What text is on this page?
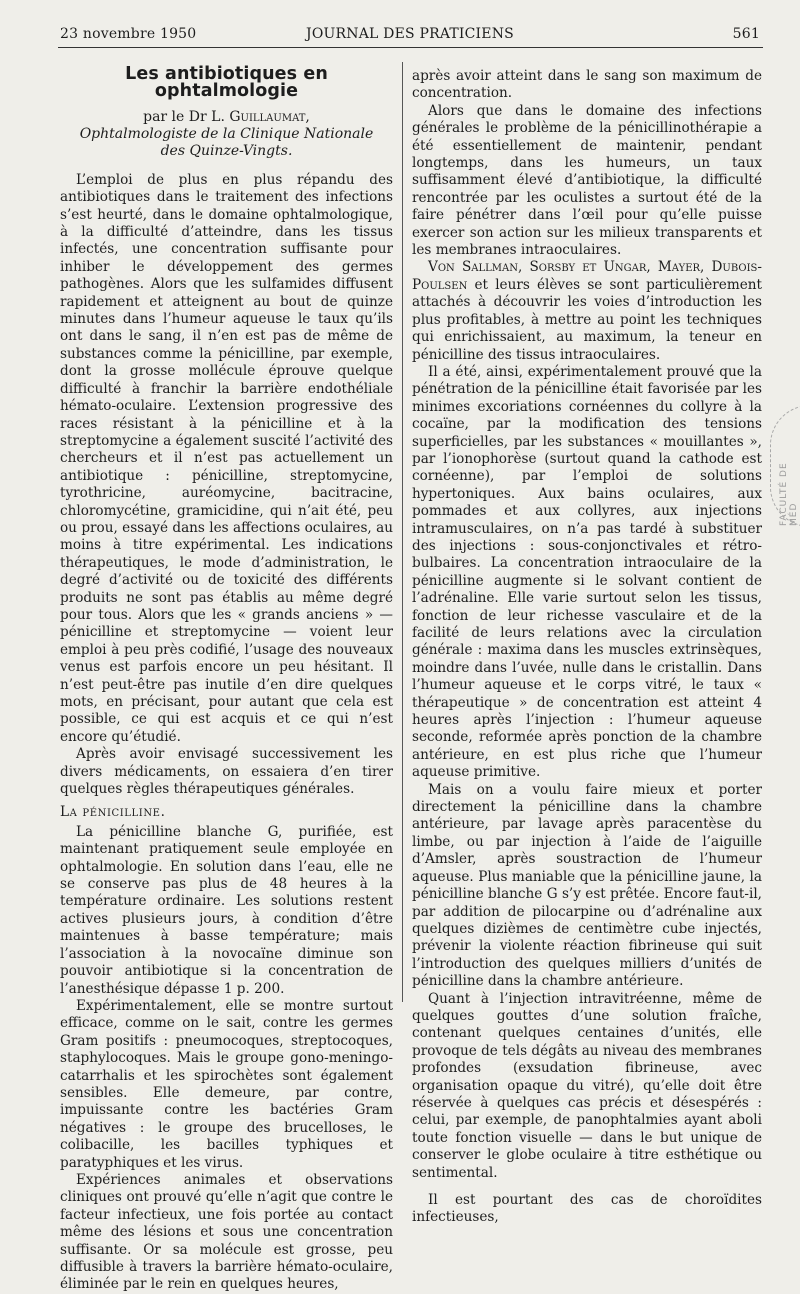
23 novembre 1950	JOURNAL DES PRATICIENS	561
Les antibiotiques en ophtalmologie
par le Dr L. Guillaumat,
Ophtalmologiste de la Clinique Nationale
des Quinze-Vingts.

L’emploi de plus en plus répandu des antibiotiques dans le traitement des infections s’est heurté, dans le domaine ophtalmologique, à la difficulté d’atteindre, dans les tissus infectés, une concentration suffisante pour inhiber le développement des germes pathogènes. Alors que les sulfamides diffusent rapidement et atteignent au bout de quinze minutes dans l’humeur aqueuse le taux qu’ils ont dans le sang, il n’en est pas de même de substances comme la pénicilline, par exemple, dont la grosse mollécule éprouve quelque difficulté à franchir la barrière endothéliale hémato-oculaire. L’extension progressive des races résistant à la pénicilline et à la streptomycine a également suscité l’activité des chercheurs et il n’est pas actuellement un antibiotique : pénicilline, streptomycine, tyrothricine, auréomycine, bacitracine, chloromycétine, gramicidine, qui n’ait été, peu ou prou, essayé dans les affections oculaires, au moins à titre expérimental. Les indications thérapeutiques, le mode d’administration, le degré d’activité ou de toxicité des différents produits ne sont pas établis au même degré pour tous. Alors que les « grands anciens » — pénicilline et streptomycine — voient leur emploi à peu près codifié, l’usage des nouveaux venus est parfois encore un peu hésitant. Il n’est peut-être pas inutile d’en dire quelques mots, en précisant, pour autant que cela est possible, ce qui est acquis et ce qui n’est encore qu’étudié.

Après avoir envisagé successivement les divers médicaments, on essaiera d’en tirer quelques règles thérapeutiques générales.

La pénicilline.

La pénicilline blanche G, purifiée, est maintenant pratiquement seule employée en ophtalmologie. En solution dans l’eau, elle ne se conserve pas plus de 48 heures à la température ordinaire. Les solutions restent actives plusieurs jours, à condition d’être maintenues à basse température; mais l’association à la novocaïne diminue son pouvoir antibiotique si la concentration de l’anesthésique dépasse 1 p. 200.

Expérimentalement, elle se montre surtout efficace, comme on le sait, contre les germes Gram positifs : pneumocoques, streptocoques, staphylocoques. Mais le groupe gono-meningo-catarrhalis et les spirochètes sont également sensibles. Elle demeure, par contre, impuissante contre les bactéries Gram négatives : le groupe des brucelloses, le colibacille, les bacilles typhiques et paratyphiques et les virus.

Expériences animales et observations cliniques ont prouvé qu’elle n’agit que contre le facteur infectieux, une fois portée au contact même des lésions et sous une concentration suffisante. Or sa molécule est grosse, peu diffusible à travers la barrière hémato-oculaire, éliminée par le rein en quelques heures,

après avoir atteint dans le sang son maximum de concentration.

Alors que dans le domaine des infections générales le problème de la pénicillinothérapie a été essentiellement de maintenir, pendant longtemps, dans les humeurs, un taux suffisamment élevé d’antibiotique, la difficulté rencontrée par les oculistes a surtout été de la faire pénétrer dans l’œil pour qu’elle puisse exercer son action sur les milieux transparents et les membranes intraoculaires.

Von Sallman, Sorsby et Ungar, Mayer, Dubois-Poulsen et leurs élèves se sont particulièrement attachés à découvrir les voies d’introduction les plus profitables, à mettre au point les techniques qui enrichissaient, au maximum, la teneur en pénicilline des tissus intraoculaires.

Il a été, ainsi, expérimentalement prouvé que la pénétration de la pénicilline était favorisée par les minimes excoriations cornéennes du collyre à la cocaïne, par la modification des tensions superficielles, par les substances « mouillantes », par l’ionophorèse (surtout quand la cathode est cornéenne), par l’emploi de solutions hypertoniques. Aux bains oculaires, aux pommades et aux collyres, aux injections intramusculaires, on n’a pas tardé à substituer des injections : sous-conjonctivales et rétro-bulbaires. La concentration intraoculaire de la pénicilline augmente si le solvant contient de l’adrénaline. Elle varie surtout selon les tissus, fonction de leur richesse vasculaire et de la facilité de leurs relations avec la circulation générale : maxima dans les muscles extrinsèques, moindre dans l’uvée, nulle dans le cristallin. Dans l’humeur aqueuse et le corps vitré, le taux « thérapeutique » de concentration est atteint 4 heures après l’injection : l’humeur aqueuse seconde, reformée après ponction de la chambre antérieure, en est plus riche que l’humeur aqueuse primitive.

Mais on a voulu faire mieux et porter directement la pénicilline dans la chambre antérieure, par lavage après paracentèse du limbe, ou par injection à l’aide de l’aiguille d’Amsler, après soustraction de l’humeur aqueuse. Plus maniable que la pénicilline jaune, la pénicilline blanche G s’y est prêtée. Encore faut-il, par addition de pilocarpine ou d’adrénaline aux quelques dizièmes de centimètre cube injectés, prévenir la violente réaction fibrineuse qui suit l’introduction des quelques milliers d’unités de pénicilline dans la chambre antérieure.

Quant à l’injection intravitréenne, même de quelques gouttes d’une solution fraîche, contenant quelques centaines d’unités, elle provoque de tels dégâts au niveau des membranes profondes (exsudation fibrineuse, avec organisation opaque du vitré), qu’elle doit être réservée à quelques cas précis et désespérés : celui, par exemple, de panophtalmies ayant aboli toute fonction visuelle — dans le but unique de conserver le globe oculaire à titre esthétique ou sentimental.

Il est pourtant des cas de choroïdites infectieuses,

FACULTÉ DE MÉD
